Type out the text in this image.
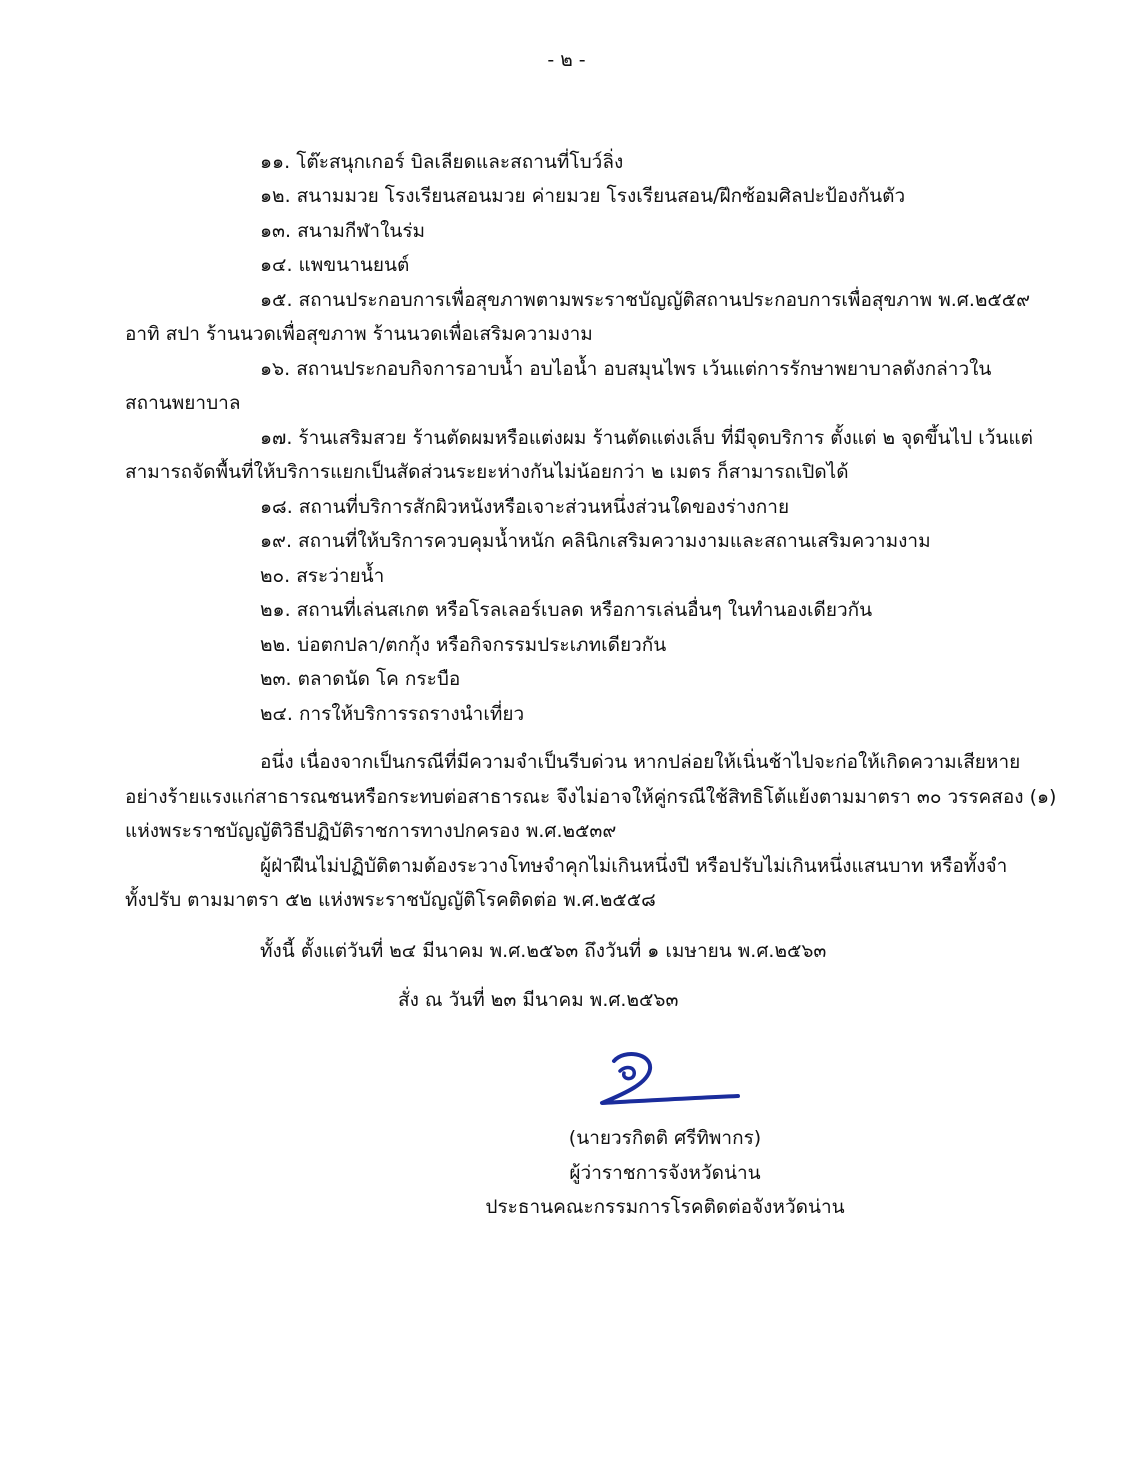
- ๒ -
๑๑. โต๊ะสนุกเกอร์ บิลเลียดและสถานที่โบว์ลิ่ง
๑๒. สนามมวย โรงเรียนสอนมวย ค่ายมวย โรงเรียนสอน/ฝึกซ้อมศิลปะป้องกันตัว
๑๓. สนามกีฬาในร่ม
๑๔. แพขนานยนต์
๑๕. สถานประกอบการเพื่อสุขภาพตามพระราชบัญญัติสถานประกอบการเพื่อสุขภาพ พ.ศ.๒๕๕๙
อาทิ สปา ร้านนวดเพื่อสุขภาพ ร้านนวดเพื่อเสริมความงาม
๑๖. สถานประกอบกิจการอาบน้ำ อบไอน้ำ อบสมุนไพร เว้นแต่การรักษาพยาบาลดังกล่าวใน
สถานพยาบาล
๑๗. ร้านเสริมสวย ร้านตัดผมหรือแต่งผม ร้านตัดแต่งเล็บ ที่มีจุดบริการ ตั้งแต่ ๒ จุดขึ้นไป เว้นแต่
สามารถจัดพื้นที่ให้บริการแยกเป็นสัดส่วนระยะห่างกันไม่น้อยกว่า ๒ เมตร ก็สามารถเปิดได้
๑๘. สถานที่บริการสักผิวหนังหรือเจาะส่วนหนึ่งส่วนใดของร่างกาย
๑๙. สถานที่ให้บริการควบคุมน้ำหนัก คลินิกเสริมความงามและสถานเสริมความงาม
๒๐. สระว่ายน้ำ
๒๑. สถานที่เล่นสเกต หรือโรลเลอร์เบลด หรือการเล่นอื่นๆ ในทำนองเดียวกัน
๒๒. บ่อตกปลา/ตกกุ้ง หรือกิจกรรมประเภทเดียวกัน
๒๓. ตลาดนัด โค กระบือ
๒๔. การให้บริการรถรางนำเที่ยว
อนึ่ง เนื่องจากเป็นกรณีที่มีความจำเป็นรีบด่วน หากปล่อยให้เนิ่นช้าไปจะก่อให้เกิดความเสียหาย
อย่างร้ายแรงแก่สาธารณชนหรือกระทบต่อสาธารณะ จึงไม่อาจให้คู่กรณีใช้สิทธิโต้แย้งตามมาตรา ๓๐ วรรคสอง (๑)
แห่งพระราชบัญญัติวิธีปฏิบัติราชการทางปกครอง พ.ศ.๒๕๓๙
ผู้ฝ่าฝืนไม่ปฏิบัติตามต้องระวางโทษจำคุกไม่เกินหนึ่งปี หรือปรับไม่เกินหนึ่งแสนบาท หรือทั้งจำ
ทั้งปรับ ตามมาตรา ๕๒ แห่งพระราชบัญญัติโรคติดต่อ พ.ศ.๒๕๕๘
ทั้งนี้ ตั้งแต่วันที่ ๒๔ มีนาคม พ.ศ.๒๕๖๓ ถึงวันที่ ๑ เมษายน พ.ศ.๒๕๖๓
สั่ง ณ วันที่ ๒๓ มีนาคม พ.ศ.๒๕๖๓
(นายวรกิตติ ศรีทิพากร)
ผู้ว่าราชการจังหวัดน่าน
ประธานคณะกรรมการโรคติดต่อจังหวัดน่าน
